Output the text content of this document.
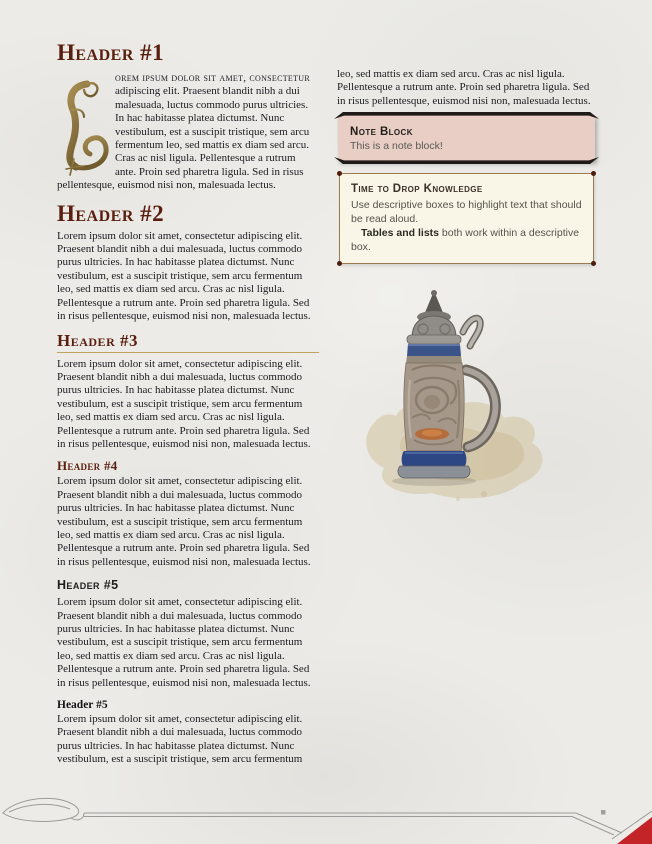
Header #1

orem ipsum dolor sit amet, consectetur adipiscing elit. Praesent blandit nibh a dui malesuada, luctus commodo purus ultricies. In hac habitasse platea dictumst. Nunc vestibulum, est a suscipit tristique, sem arcu fermentum leo, sed mattis ex diam sed arcu. Cras ac nisl ligula. Pellentesque a rutrum ante. Proin sed pharetra ligula. Sed in risus pellentesque, euismod nisi non, malesuada lectus.

Header #2

Lorem ipsum dolor sit amet, consectetur adipiscing elit. Praesent blandit nibh a dui malesuada, luctus commodo purus ultricies. In hac habitasse platea dictumst. Nunc vestibulum, est a suscipit tristique, sem arcu fermentum leo, sed mattis ex diam sed arcu. Cras ac nisl ligula. Pellentesque a rutrum ante. Proin sed pharetra ligula. Sed in risus pellentesque, euismod nisi non, malesuada lectus.

Header #3

Lorem ipsum dolor sit amet, consectetur adipiscing elit. Praesent blandit nibh a dui malesuada, luctus commodo purus ultricies. In hac habitasse platea dictumst. Nunc vestibulum, est a suscipit tristique, sem arcu fermentum leo, sed mattis ex diam sed arcu. Cras ac nisl ligula. Pellentesque a rutrum ante. Proin sed pharetra ligula. Sed in risus pellentesque, euismod nisi non, malesuada lectus.

Header #4

Lorem ipsum dolor sit amet, consectetur adipiscing elit. Praesent blandit nibh a dui malesuada, luctus commodo purus ultricies. In hac habitasse platea dictumst. Nunc vestibulum, est a suscipit tristique, sem arcu fermentum leo, sed mattis ex diam sed arcu. Cras ac nisl ligula. Pellentesque a rutrum ante. Proin sed pharetra ligula. Sed in risus pellentesque, euismod nisi non, malesuada lectus.

Header #5

Lorem ipsum dolor sit amet, consectetur adipiscing elit. Praesent blandit nibh a dui malesuada, luctus commodo purus ultricies. In hac habitasse platea dictumst. Nunc vestibulum, est a suscipit tristique, sem arcu fermentum leo, sed mattis ex diam sed arcu. Cras ac nisl ligula. Pellentesque a rutrum ante. Proin sed pharetra ligula. Sed in risus pellentesque, euismod nisi non, malesuada lectus.

Header #5

Lorem ipsum dolor sit amet, consectetur adipiscing elit. Praesent blandit nibh a dui malesuada, luctus commodo purus ultricies. In hac habitasse platea dictumst. Nunc vestibulum, est a suscipit tristique, sem arcu fermentum

leo, sed mattis ex diam sed arcu. Cras ac nisl ligula. Pellentesque a rutrum ante. Proin sed pharetra ligula. Sed in risus pellentesque, euismod nisi non, malesuada lectus.

Note Block
This is a note block!
Time to Drop Knowledge

Use descriptive boxes to highlight text that should be read aloud.

Tables and lists both work within a descriptive box.
